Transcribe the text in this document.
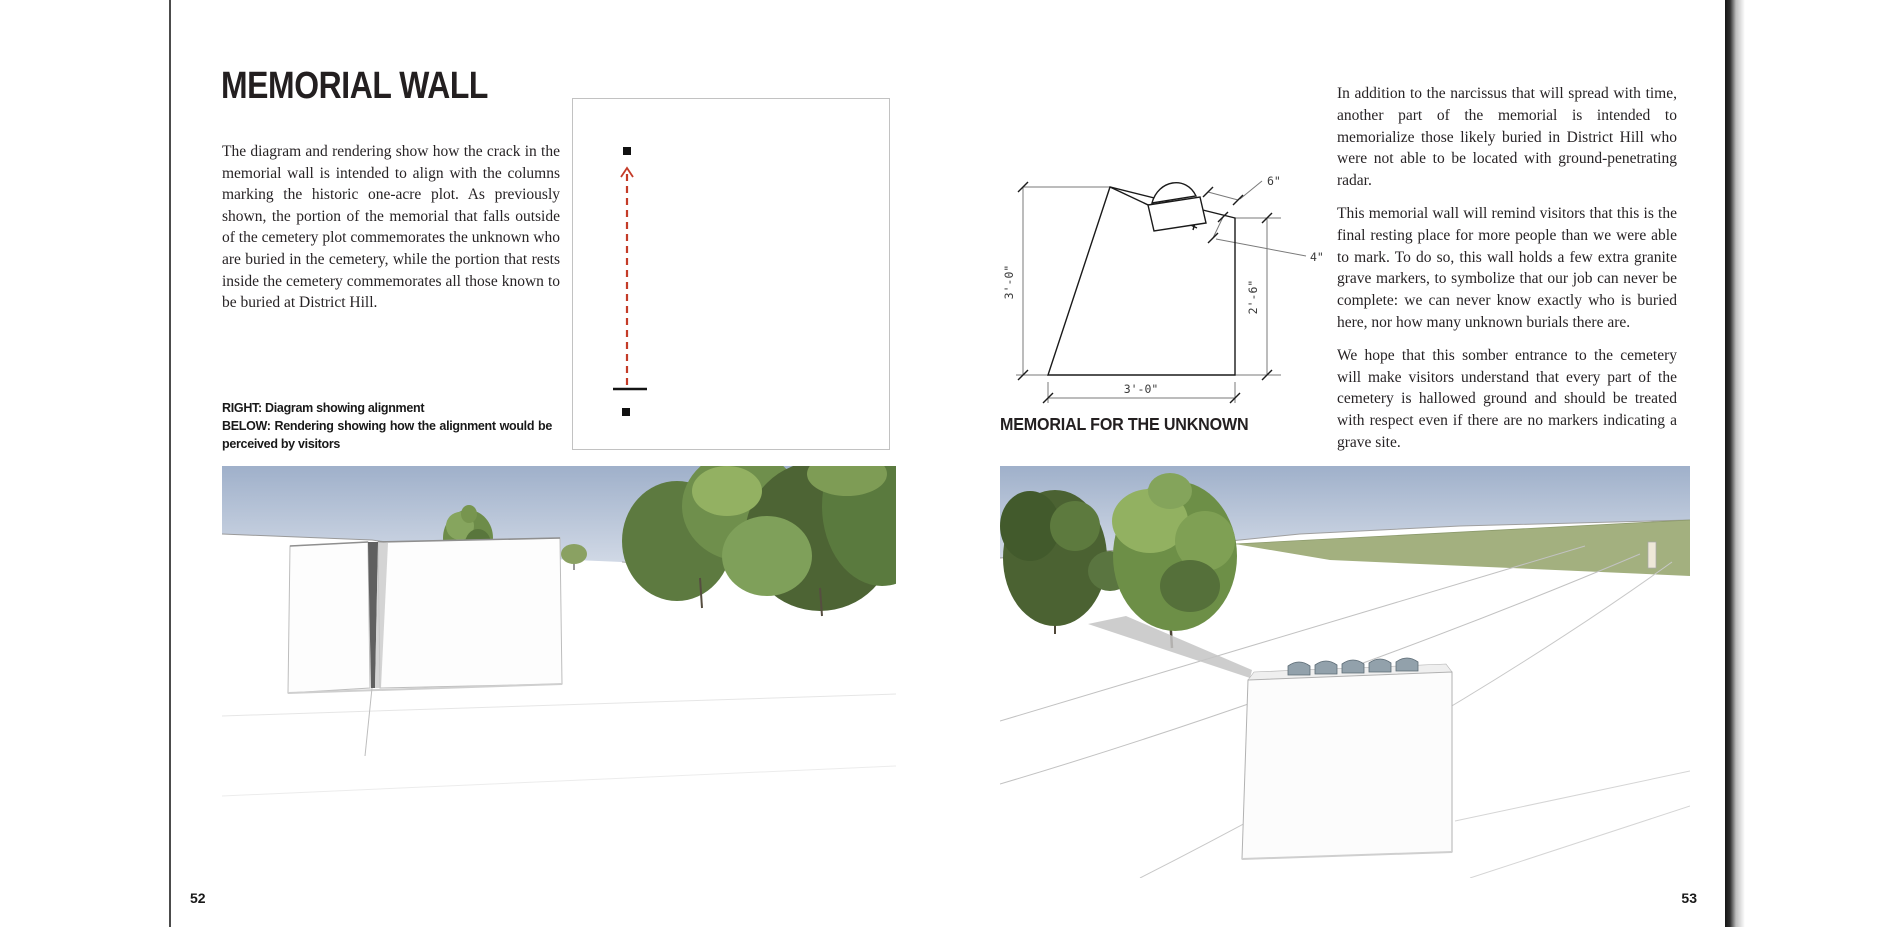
MEMORIAL WALL
The diagram and rendering show how the crack in the memorial wall is intended to align with the columns marking the historic one-acre plot. As previously shown, the portion of the memorial that falls outside of the cemetery plot commemorates the unknown who are buried in the cemetery, while the portion that rests inside the cemetery commemorates all those known to be buried at District Hill.

RIGHT: Diagram showing alignment

BELOW: Rendering showing how the alignment would be perceived by visitors

3'-0"	2'-6"
3'-0"
6"
4"
MEMORIAL FOR THE UNKNOWN

In addition to the narcissus that will spread with time, another part of the memorial is intended to memorialize those likely buried in District Hill who were not able to be located with ground-penetrating radar.

This memorial wall will remind visitors that this is the final resting place for more people than we were able to mark. To do so, this wall holds a few extra granite grave markers, to symbolize that our job can never be complete: we can never know exactly who is buried here, nor how many unknown burials there are.

We hope that this somber entrance to the cemetery will make visitors understand that every part of the cemetery is hallowed ground and should be treated with respect even if there are no markers indicating a grave site.

52	53
